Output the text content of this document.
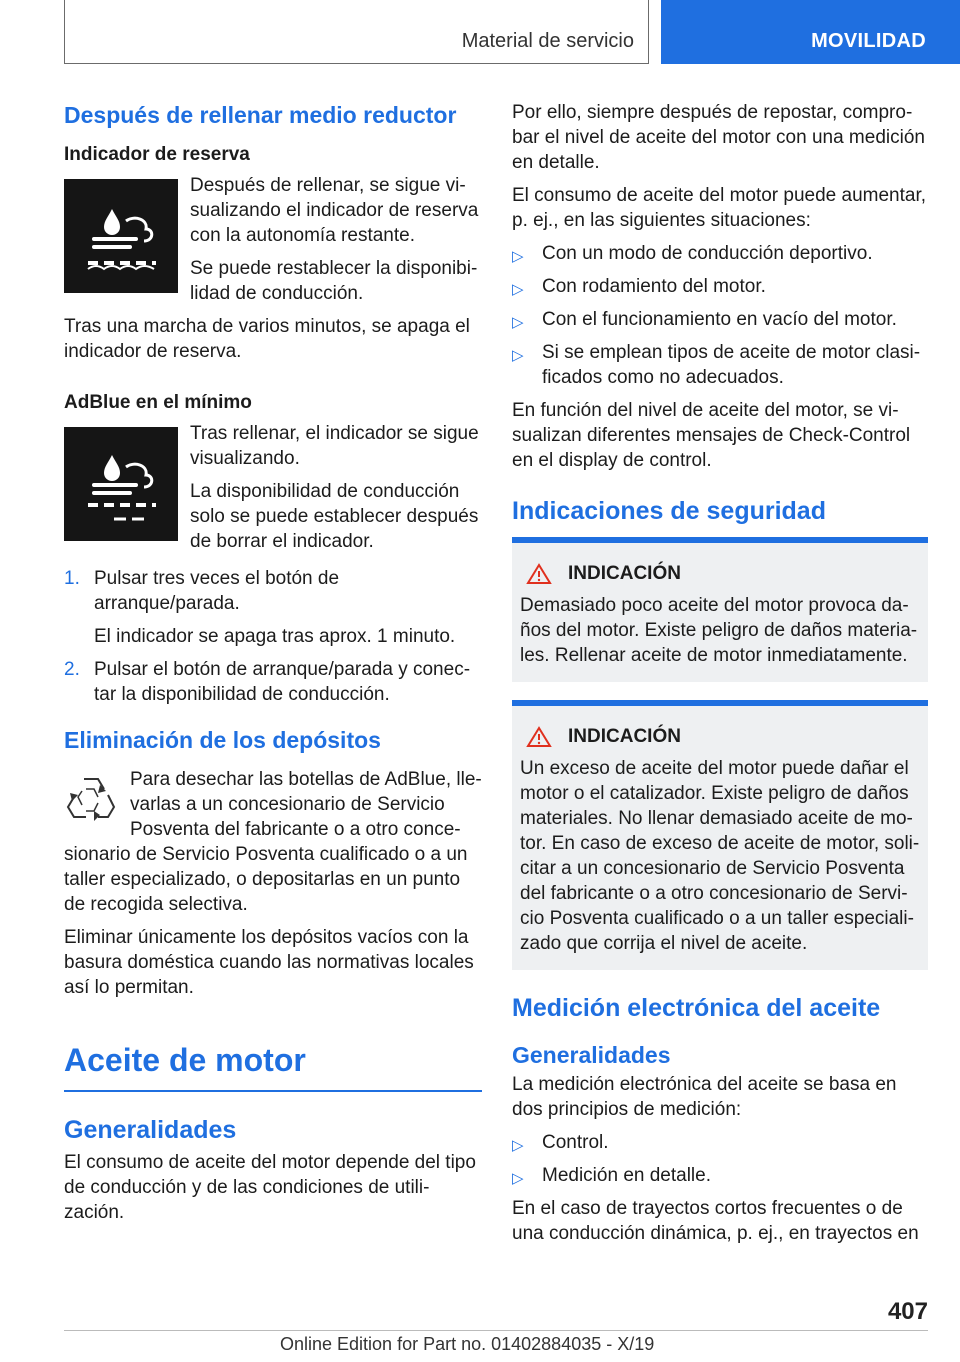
Material de servicio	MOVILIDAD
Después de rellenar medio reductor
Indicador de reserva

Después de rellenar, se sigue visualizando el indicador de reserva con la autonomía restante.

Se puede restablecer la disponibilidad de conducción.

Tras una marcha de varios minutos, se apaga el indicador de reserva.

AdBlue en el mínimo

Tras rellenar, el indicador se sigue visualizando.

La disponibilidad de conducción solo se puede establecer después de borrar el indicador.

1. Pulsar tres veces el botón de arranque/parada.
El indicador se apaga tras aprox. 1 minuto.
2. Pulsar el botón de arranque/parada y conectar la disponibilidad de conducción.
Eliminación de los depósitos

Para desechar las botellas de AdBlue, llevarlas a un concesionario de Servicio Posventa del fabricante o a otro concesionario de Servicio Posventa cualificado o a un taller especializado, o depositarlas en un punto de recogida selectiva.

Eliminar únicamente los depósitos vacíos con la basura doméstica cuando las normativas locales así lo permitan.

Aceite de motor
Generalidades

El consumo de aceite del motor depende del tipo de conducción y de las condiciones de utilización.

Por ello, siempre después de repostar, comprobar el nivel de aceite del motor con una medición en detalle.

El consumo de aceite del motor puede aumentar, p. ej., en las siguientes situaciones:

▷ Con un modo de conducción deportivo.
▷ Con rodamiento del motor.
▷ Con el funcionamiento en vacío del motor.
▷ Si se emplean tipos de aceite de motor clasificados como no adecuados.

En función del nivel de aceite del motor, se visualizan diferentes mensajes de Check-Control en el display de control.

Indicaciones de seguridad
INDICACIÓN

Demasiado poco aceite del motor provoca daños del motor. Existe peligro de daños materiales. Rellenar aceite de motor inmediatamente.

INDICACIÓN

Un exceso de aceite del motor puede dañar el motor o el catalizador. Existe peligro de daños materiales. No llenar demasiado aceite de motor. En caso de exceso de aceite de motor, solicitar a un concesionario de Servicio Posventa del fabricante o a otro concesionario de Servicio Posventa cualificado o a un taller especializado que corrija el nivel de aceite.

Medición electrónica del aceite
Generalidades

La medición electrónica del aceite se basa en dos principios de medición:

▷ Control.
▷ Medición en detalle.

En el caso de trayectos cortos frecuentes o de una conducción dinámica, p. ej., en trayectos en

407
Online Edition for Part no. 01402884035 - X/19
